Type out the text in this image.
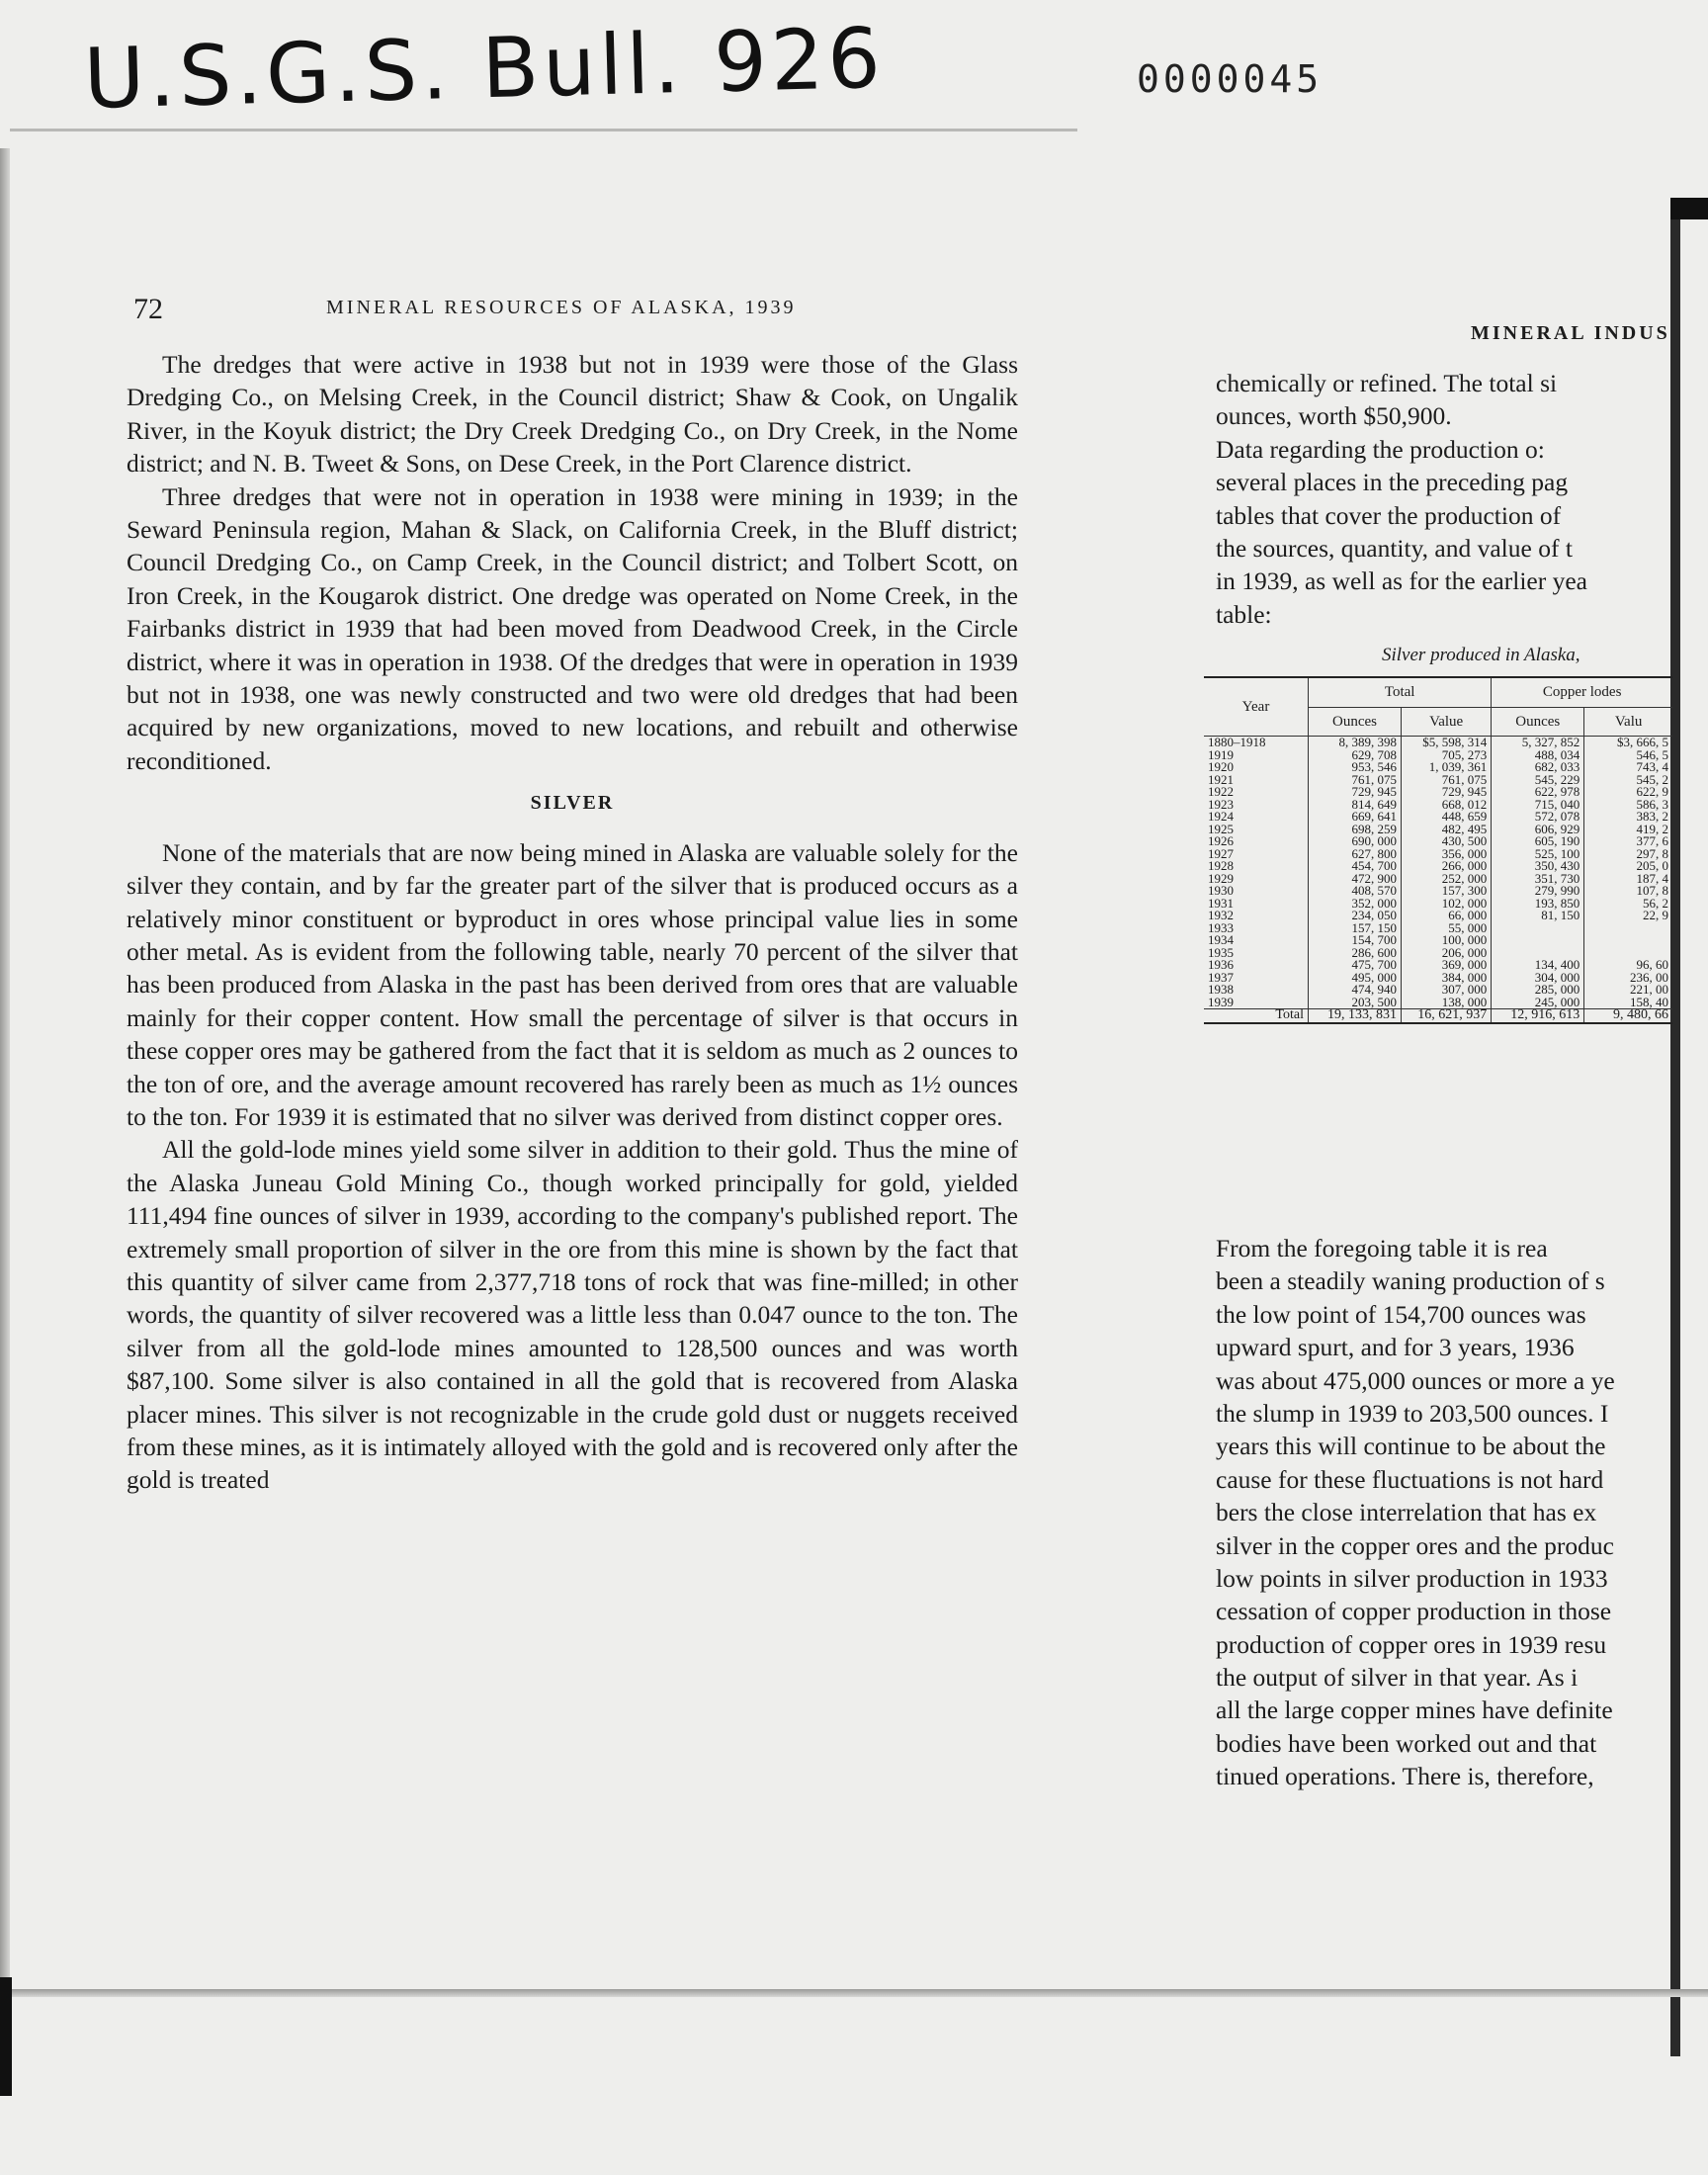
U.S.G.S. Bull. 926	0000045
72	MINERAL RESOURCES OF ALASKA, 1939

The dredges that were active in 1938 but not in 1939 were those of the Glass Dredging Co., on Melsing Creek, in the Council district; Shaw & Cook, on Ungalik River, in the Koyuk district; the Dry Creek Dredging Co., on Dry Creek, in the Nome district; and N. B. Tweet & Sons, on Dese Creek, in the Port Clarence district.

Three dredges that were not in operation in 1938 were mining in 1939; in the Seward Peninsula region, Mahan & Slack, on California Creek, in the Bluff district; Council Dredging Co., on Camp Creek, in the Council district; and Tolbert Scott, on Iron Creek, in the Kougarok district. One dredge was operated on Nome Creek, in the Fairbanks district in 1939 that had been moved from Deadwood Creek, in the Circle district, where it was in operation in 1938. Of the dredges that were in operation in 1939 but not in 1938, one was newly constructed and two were old dredges that had been acquired by new organizations, moved to new locations, and rebuilt and otherwise reconditioned.

SILVER

None of the materials that are now being mined in Alaska are valuable solely for the silver they contain, and by far the greater part of the silver that is produced occurs as a relatively minor constituent or byproduct in ores whose principal value lies in some other metal. As is evident from the following table, nearly 70 percent of the silver that has been produced from Alaska in the past has been derived from ores that are valuable mainly for their copper content. How small the percentage of silver is that occurs in these copper ores may be gathered from the fact that it is seldom as much as 2 ounces to the ton of ore, and the average amount recovered has rarely been as much as 1½ ounces to the ton. For 1939 it is estimated that no silver was derived from distinct copper ores.

All the gold-lode mines yield some silver in addition to their gold. Thus the mine of the Alaska Juneau Gold Mining Co., though worked principally for gold, yielded 111,494 fine ounces of silver in 1939, according to the company's published report. The extremely small proportion of silver in the ore from this mine is shown by the fact that this quantity of silver came from 2,377,718 tons of rock that was fine-milled; in other words, the quantity of silver recovered was a little less than 0.047 ounce to the ton. The silver from all the gold-lode mines amounted to 128,500 ounces and was worth $87,100. Some silver is also contained in all the gold that is recovered from Alaska placer mines. This silver is not recognizable in the crude gold dust or nuggets received from these mines, as it is intimately alloyed with the gold and is recovered only after the gold is treated

MINERAL INDUS
chemically or refined. The total si
ounces, worth $50,900.
Data regarding the production o:
several places in the preceding pag
tables that cover the production of
the sources, quantity, and value of t
in 1939, as well as for the earlier yea
table:
Silver produced in Alaska,
Year	Total		Copper lodes	
	Ounces	Value	Ounces	Valu
1880–1918	8, 389, 398	$5, 598, 314	5, 327, 852	$3, 666, 5
1919	629, 708	705, 273	488, 034	546, 5
1920	953, 546	1, 039, 361	682, 033	743, 4
1921	761, 075	761, 075	545, 229	545, 2
1922	729, 945	729, 945	622, 978	622, 9
1923	814, 649	668, 012	715, 040	586, 3
1924	669, 641	448, 659	572, 078	383, 2
1925	698, 259	482, 495	606, 929	419, 2
1926	690, 000	430, 500	605, 190	377, 6
1927	627, 800	356, 000	525, 100	297, 8
1928	454, 700	266, 000	350, 430	205, 0
1929	472, 900	252, 000	351, 730	187, 4
1930	408, 570	157, 300	279, 990	107, 8
1931	352, 000	102, 000	193, 850	56, 2
1932	234, 050	66, 000	81, 150	22, 9
1933	157, 150	55, 000		
1934	154, 700	100, 000		
1935	286, 600	206, 000		
1936	475, 700	369, 000	134, 400	96, 60
1937	495, 000	384, 000	304, 000	236, 00
1938	474, 940	307, 000	285, 000	221, 00
1939	203, 500	138, 000	245, 000	158, 40
Total	19, 133, 831	16, 621, 937	12, 916, 613	9, 480, 66
From the foregoing table it is rea
been a steadily waning production of s
the low point of 154,700 ounces was
upward spurt, and for 3 years, 1936
was about 475,000 ounces or more a ye
the slump in 1939 to 203,500 ounces. I
years this will continue to be about the
cause for these fluctuations is not hard
bers the close interrelation that has ex
silver in the copper ores and the produc
low points in silver production in 1933
cessation of copper production in those
production of copper ores in 1939 resu
the output of silver in that year. As i
all the large copper mines have definite
bodies have been worked out and that
tinued operations. There is, therefore,
